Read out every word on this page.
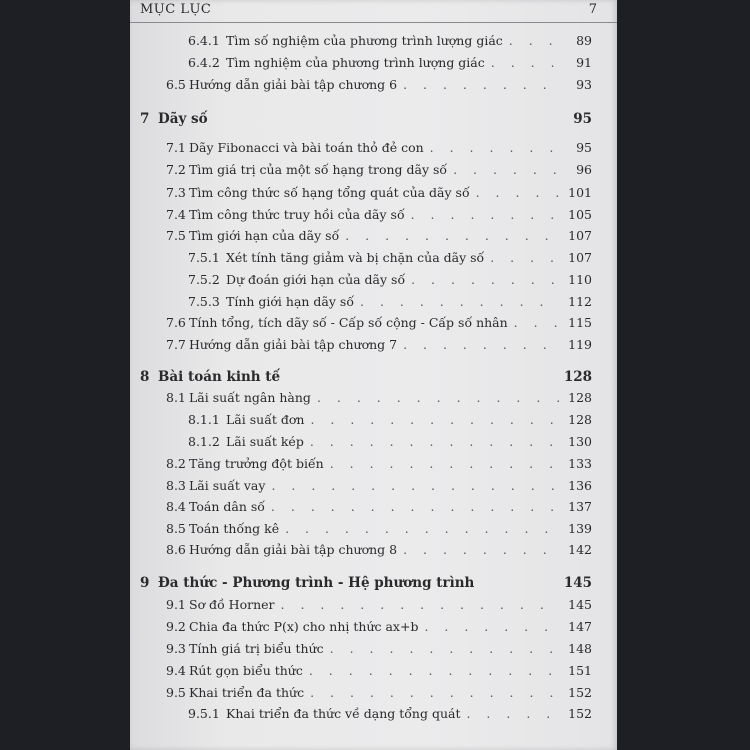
MỤC LỤC	7
6.4.1 Tìm số nghiệm của phương trình lượng giác . . .	89
6.4.2 Tìm nghiệm của phương trình lượng giác . . .	91
6.5 Hướng dẫn giải bài tập chương 6 . . .	93
7 Dãy số	95
7.1 Dãy Fibonacci và bài toán thỏ đẻ con . . .	95
7.2 Tìm giá trị của một số hạng trong dãy số . . .	96
7.3 Tìm công thức số hạng tổng quát của dãy số . . .	101
7.4 Tìm công thức truy hồi của dãy số . . .	105
7.5 Tìm giới hạn của dãy số . . .	107
7.5.1 Xét tính tăng giảm và bị chặn của dãy số . . .	107
7.5.2 Dự đoán giới hạn của dãy số . . .	110
7.5.3 Tính giới hạn dãy số . . .	112
7.6 Tính tổng, tích dãy số - Cấp số cộng - Cấp số nhân . . .	115
7.7 Hướng dẫn giải bài tập chương 7 . . .	119
8 Bài toán kinh tế	128
8.1 Lãi suất ngân hàng . . .	128
8.1.1 Lãi suất đơn . . .	128
8.1.2 Lãi suất kép . . .	130
8.2 Tăng trưởng đột biến . . .	133
8.3 Lãi suất vay . . .	136
8.4 Toán dân số . . .	137
8.5 Toán thống kê . . .	139
8.6 Hướng dẫn giải bài tập chương 8 . . .	142
9 Đa thức - Phương trình - Hệ phương trình	145
9.1 Sơ đồ Horner . . .	145
9.2 Chia đa thức P(x) cho nhị thức ax+b . . .	147
9.3 Tính giá trị biểu thức . . .	148
9.4 Rút gọn biểu thức . . .	151
9.5 Khai triển đa thức . . .	152
9.5.1 Khai triển đa thức về dạng tổng quát . . .	152
